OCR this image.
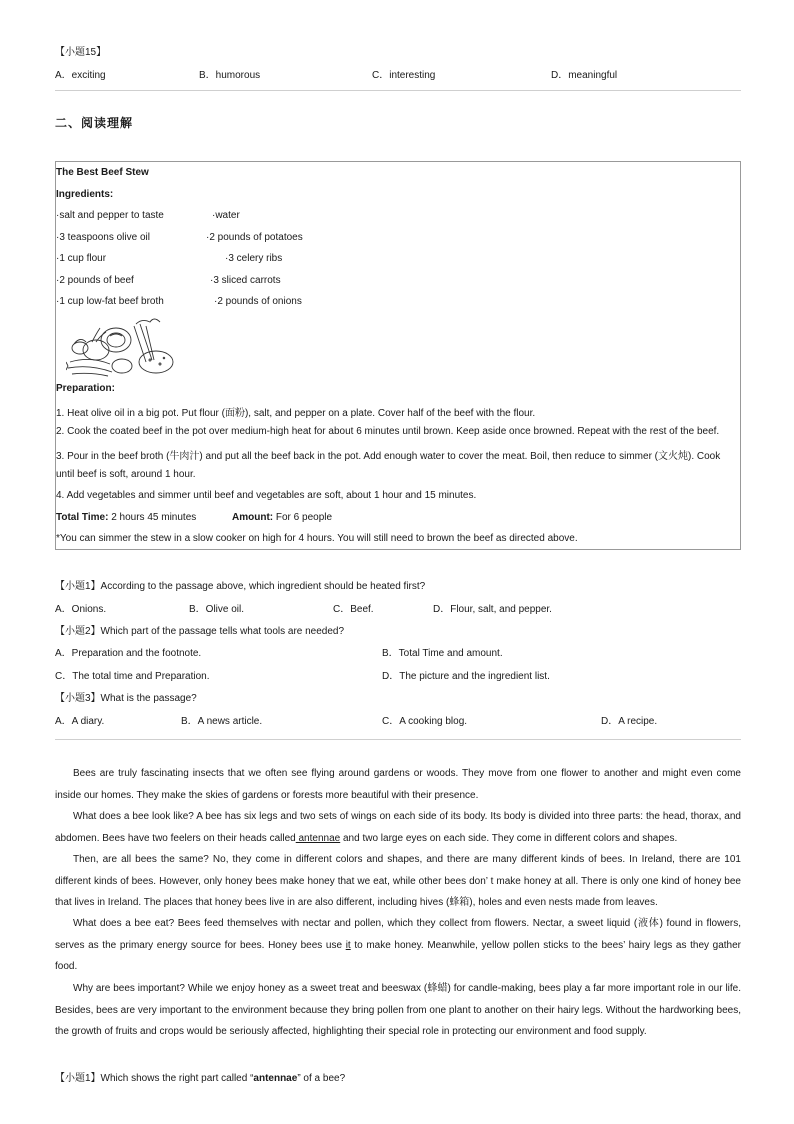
【小题15】
A．exciting	B．humorous	C．interesting	D．meaningful
二、阅读理解
The Best Beef Stew
Ingredients:
·salt and pepper to taste	·water
·3 teaspoons olive oil	·2 pounds of potatoes
·1 cup flour	·3 celery ribs
·2 pounds of beef	·3 sliced carrots
·1 cup low-fat beef broth	·2 pounds of onions
Preparation:
1. Heat olive oil in a big pot. Put flour (面粉), salt, and pepper on a plate. Cover half of the beef with the flour.
2. Cook the coated beef in the pot over medium-high heat for about 6 minutes until brown. Keep aside once browned. Repeat with the rest of the beef.
3. Pour in the beef broth (牛肉汁) and put all the beef back in the pot. Add enough water to cover the meat. Boil, then reduce to simmer (文火炖). Cook
until beef is soft, around 1 hour.
4. Add vegetables and simmer until beef and vegetables are soft, about 1 hour and 15 minutes.
Total Time: 2 hours 45 minutes	Amount: For 6 people
*You can simmer the stew in a slow cooker on high for 4 hours. You will still need to brown the beef as directed above.
【小题1】According to the passage above, which ingredient should be heated first?
A．Onions.	B．Olive oil.	C．Beef.	D．Flour, salt, and pepper.
【小题2】Which part of the passage tells what tools are needed?
A．Preparation and the footnote.	B．Total Time and amount.
C．The total time and Preparation.	D．The picture and the ingredient list.
【小题3】What is the passage?
A．A diary.	B．A news article.	C．A cooking blog.	D．A recipe.
Bees are truly fascinating insects that we often see flying around gardens or woods. They move from one flower to another and might even come inside our homes. They make the skies of gardens or forests more beautiful with their presence.
What does a bee look like? A bee has six legs and two sets of wings on each side of its body. Its body is divided into three parts: the head, thorax, and abdomen. Bees have two feelers on their heads called antennae and two large eyes on each side. They come in different colors and shapes.
Then, are all bees the same? No, they come in different colors and shapes, and there are many different kinds of bees. In Ireland, there are 101 different kinds of bees. However, only honey bees make honey that we eat, while other bees don’ t make honey at all. There is only one kind of honey bee that lives in Ireland. The places that honey bees live in are also different, including hives (蜂箱), holes and even nests made from leaves.
What does a bee eat? Bees feed themselves with nectar and pollen, which they collect from flowers. Nectar, a sweet liquid (液体) found in flowers, serves as the primary energy source for bees. Honey bees use it to make honey. Meanwhile, yellow pollen sticks to the bees’ hairy legs as they gather food.
Why are bees important? While we enjoy honey as a sweet treat and beeswax (蜂蜡) for candle-making, bees play a far more important role in our life. Besides, bees are very important to the environment because they bring pollen from one plant to another on their hairy legs. Without the hardworking bees, the growth of fruits and crops would be seriously affected, highlighting their special role in protecting our environment and food supply.
【小题1】Which shows the right part called “antennae” of a bee?
